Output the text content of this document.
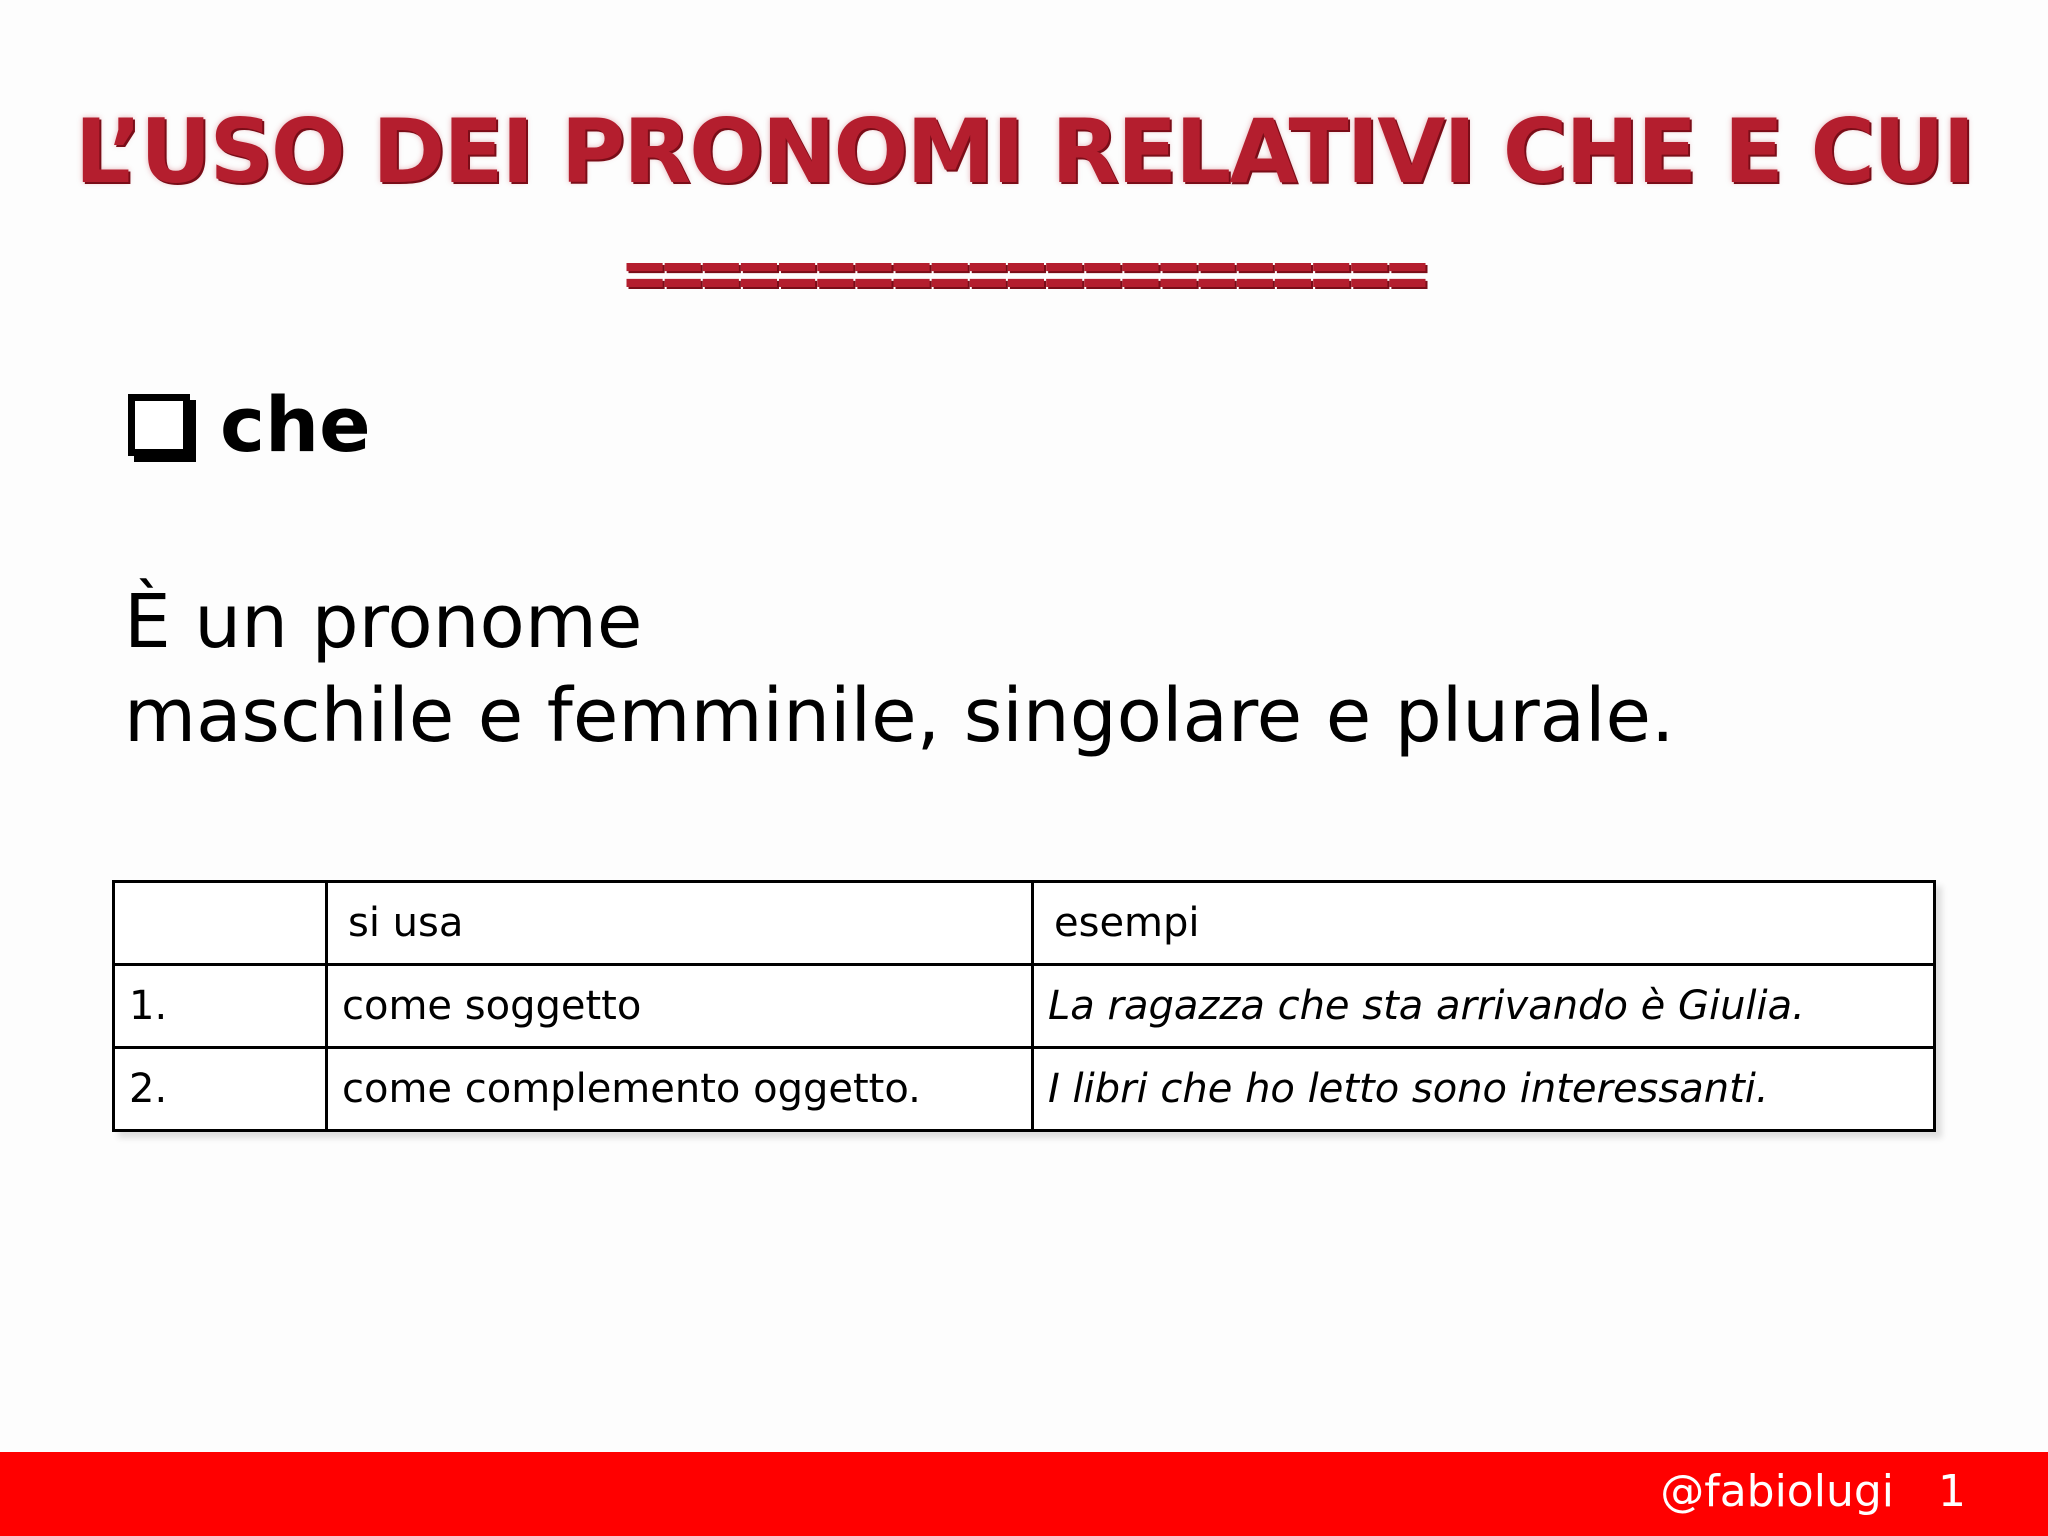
L’USO DEI PRONOMI RELATIVI CHE E CUI
=====================
che
È un pronome
maschile e femminile, singolare e plurale.
	si usa	esempi
1.	come soggetto	La ragazza che sta arrivando è Giulia.
2.	come complemento oggetto.	I libri che ho letto sono interessanti.
@fabiolugi 1
